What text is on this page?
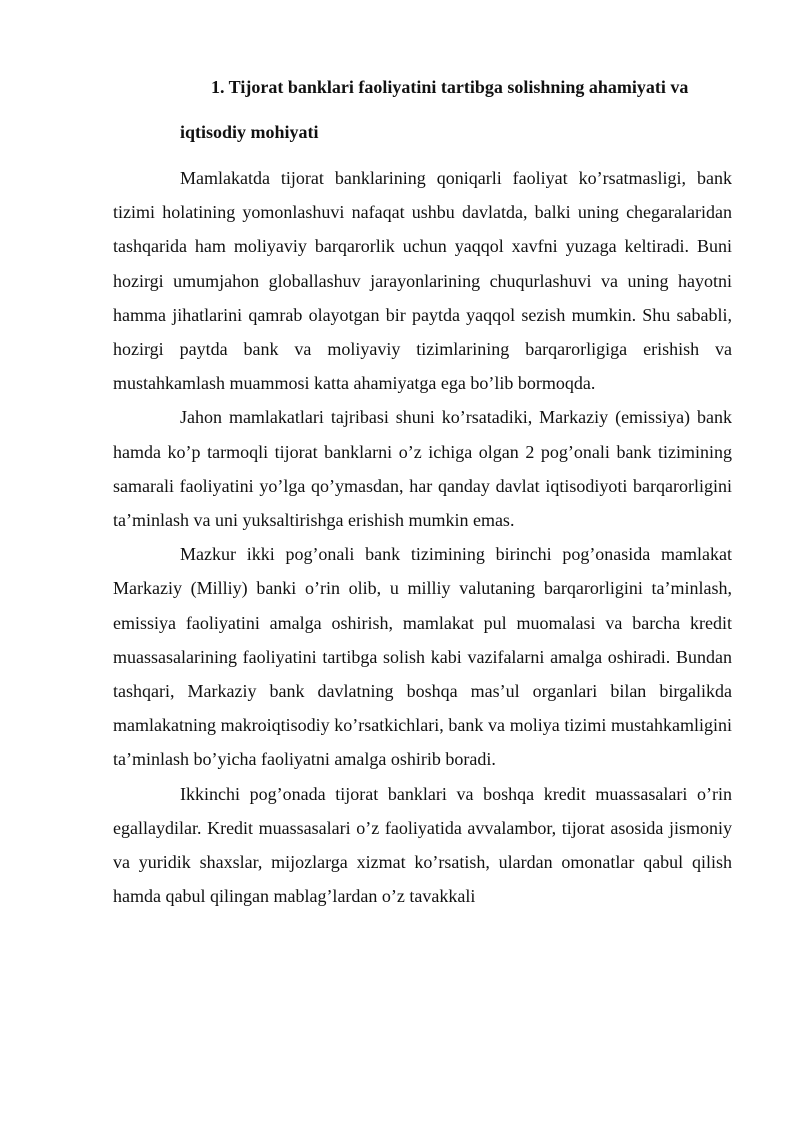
1. Tijorat banklari faoliyatini tartibga solishning ahamiyati va
iqtisodiy mohiyati

Mamlakatda tijorat banklarining qoniqarli faoliyat ko’rsatmasligi, bank tizimi holatining yomonlashuvi nafaqat ushbu davlatda, balki uning chegaralaridan tashqarida ham moliyaviy barqarorlik uchun yaqqol xavfni yuzaga keltiradi. Buni hozirgi umumjahon globallashuv jarayonlarining chuqurlashuvi va uning hayotni hamma jihatlarini qamrab olayotgan bir paytda yaqqol sezish mumkin. Shu sababli, hozirgi paytda bank va moliyaviy tizimlarining barqarorligiga erishish va mustahkamlash muammosi katta ahamiyatga ega bo’lib bormoqda.

Jahon mamlakatlari tajribasi shuni ko’rsatadiki, Markaziy (emissiya) bank hamda ko’p tarmoqli tijorat banklarni o’z ichiga olgan 2 pog’onali bank tizimining samarali faoliyatini yo’lga qo’ymasdan, har qanday davlat iqtisodiyoti barqarorligini ta’minlash va uni yuksaltirishga erishish mumkin emas.

Mazkur ikki pog’onali bank tizimining birinchi pog’onasida mamlakat Markaziy (Milliy) banki o’rin olib, u milliy valutaning barqarorligini ta’minlash, emissiya faoliyatini amalga oshirish, mamlakat pul muomalasi va barcha kredit muassasalarining faoliyatini tartibga solish kabi vazifalarni amalga oshiradi. Bundan tashqari, Markaziy bank davlatning boshqa mas’ul organlari bilan birgalikda mamlakatning makroiqtisodiy ko’rsatkichlari, bank va moliya tizimi mustahkamligini ta’minlash bo’yicha faoliyatni amalga oshirib boradi.

Ikkinchi pog’onada tijorat banklari va boshqa kredit muassasalari o’rin egallaydilar. Kredit muassasalari o’z faoliyatida avvalambor, tijorat asosida jismoniy va yuridik shaxslar, mijozlarga xizmat ko’rsatish, ulardan omonatlar qabul qilish hamda qabul qilingan mablag’lardan o’z tavakkali
